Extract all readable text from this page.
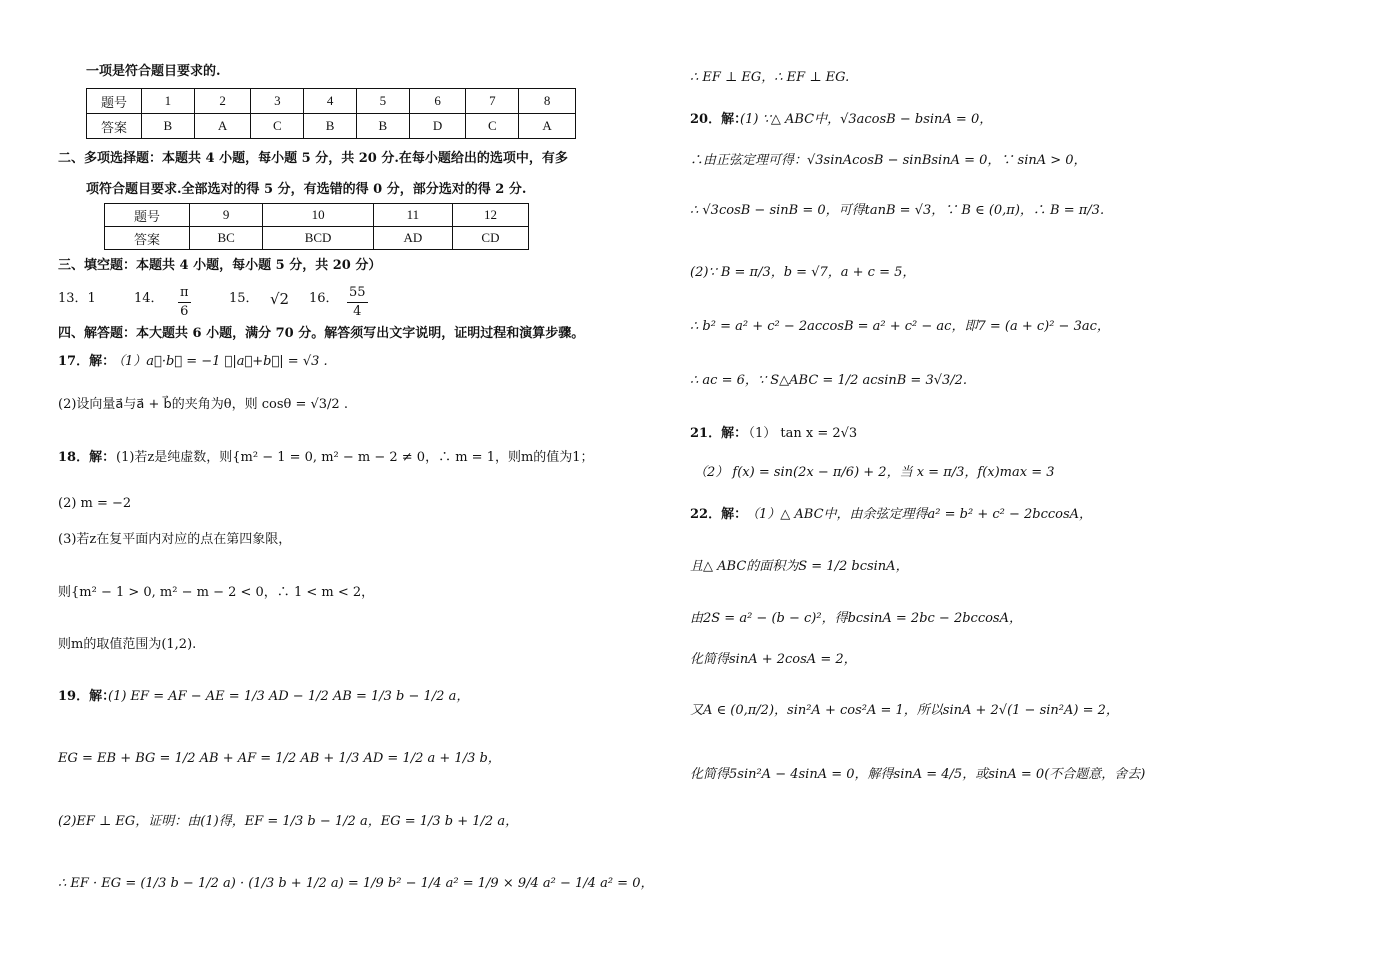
一项是符合题目要求的.
题号	1	2	3	4	5	6	7	8
答案	B	A	C	B	B	D	C	A
二、多项选择题：本题共 4 小题，每小题 5 分，共 20 分.在每小题给出的选项中，有多
项符合题目要求.全部选对的得 5 分，有选错的得 0 分，部分选对的得 2 分.
题号	9	10	11	12
答案	BC	BCD	AD	CD
三、填空题：本题共 4 小题，每小题 5 分，共 20 分）
13．1	14． $\frac{\pi}{6}$	15． √2 16． $\frac{55}{4}$
四、解答题：本大题共 6 小题，满分 70 分。解答须写出文字说明，证明过程和演算步骤。
17．解：
（1）a⃗·b⃗ = −1 ，|a⃗+b⃗| = √3 .
(2)设向量a⃗与a⃗ + b⃗的夹角为θ，则 cosθ = √3/2 .
18．解： (1)若z是纯虚数，则{m² − 1 = 0, m² − m − 2 ≠ 0，∴ m = 1，则m的值为1；
(2) m = −2
(3)若z在复平面内对应的点在第四象限，
则{m² − 1 > 0, m² − m − 2 < 0，∴ 1 < m < 2，
则m的取值范围为(1,2).
19．解：
(1) EF = AF − AE = 1/3 AD − 1/2 AB = 1/3 b − 1/2 a，
EG = EB + BG = 1/2 AB + AF = 1/2 AB + 1/3 AD = 1/2 a + 1/3 b，
(2)EF ⊥ EG，证明：由(1)得，EF = 1/3 b − 1/2 a，EG = 1/3 b + 1/2 a，
∴ EF · EG = (1/3 b − 1/2 a) · (1/3 b + 1/2 a) = 1/9 b² − 1/4 a² = 1/9 × 9/4 a² − 1/4 a² = 0，
∴ EF ⊥ EG，∴ EF ⊥ EG.
20．解：
(1) ∵△ ABC中，√3acosB − bsinA = 0，
∴由正弦定理可得：√3sinAcosB − sinBsinA = 0，∵ sinA > 0，
∴ √3cosB − sinB = 0，可得tanB = √3，∵ B ∈ (0,π)，∴ B = π/3.
(2)∵ B = π/3，b = √7，a + c = 5，
∴ b² = a² + c² − 2accosB = a² + c² − ac，即7 = (a + c)² − 3ac，
∴ ac = 6，∵ S△ABC = 1/2 acsinB = 3√3/2.
21．解：
（1） tan x = 2√3
（2） f(x) = sin(2x − π/6) + 2，当 x = π/3，f(x)max = 3
22．解：
（1）△ ABC中，由余弦定理得a² = b² + c² − 2bccosA，
且△ ABC的面积为S = 1/2 bcsinA，
由2S = a² − (b − c)²，得bcsinA = 2bc − 2bccosA，
化简得sinA + 2cosA = 2，
又A ∈ (0,π/2)，sin²A + cos²A = 1，所以sinA + 2√(1 − sin²A) = 2，
化简得5sin²A − 4sinA = 0，解得sinA = 4/5，或sinA = 0(不合题意，舍去)
